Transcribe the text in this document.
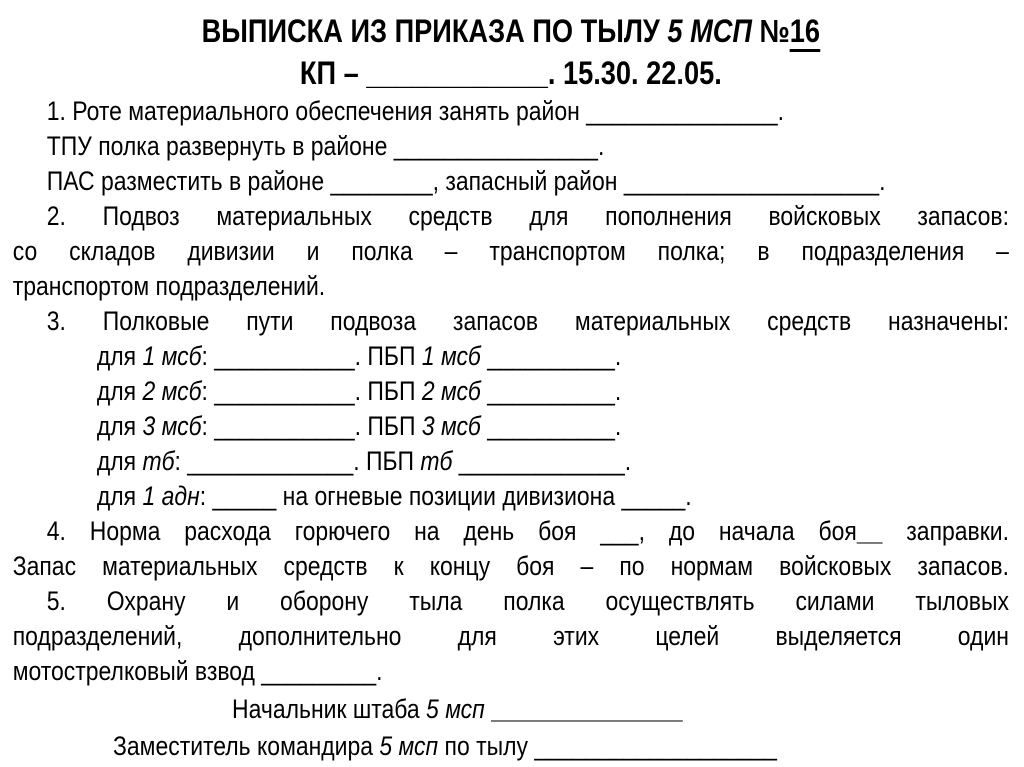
ВЫПИСКА ИЗ ПРИКАЗА ПО ТЫЛУ 5 МСП №16
КП – ____________. 15.30. 22.05.
1. Роте материального обеспечения занять район _______________.
ТПУ полка развернуть в районе ________________.
ПАС разместить в районе ________, запасный район ____________________.
2. Подвоз материальных средств для пополнения войсковых запасов:
со складов дивизии и полка – транспортом полка; в подразделения –
транспортом подразделений.
3. Полковые пути подвоза запасов материальных средств назначены:
для 1 мсб: ___________. ПБП 1 мсб __________.
для 2 мсб: ___________. ПБП 2 мсб __________.
для 3 мсб: ___________. ПБП 3 мсб __________.
для тб: _____________. ПБП тб _____________.
для 1 адн: _____ на огневые позиции дивизиона _____.
4. Норма расхода горючего на день боя ___, до начала боя__ заправки.
Запас материальных средств к концу боя – по нормам войсковых запасов.
5. Охрану и оборону тыла полка осуществлять силами тыловых
подразделений, дополнительно для этих целей выделяется один
мотострелковый взвод _________.
Начальник штаба 5 мсп _______________
Заместитель командира 5 мсп по тылу ___________________
